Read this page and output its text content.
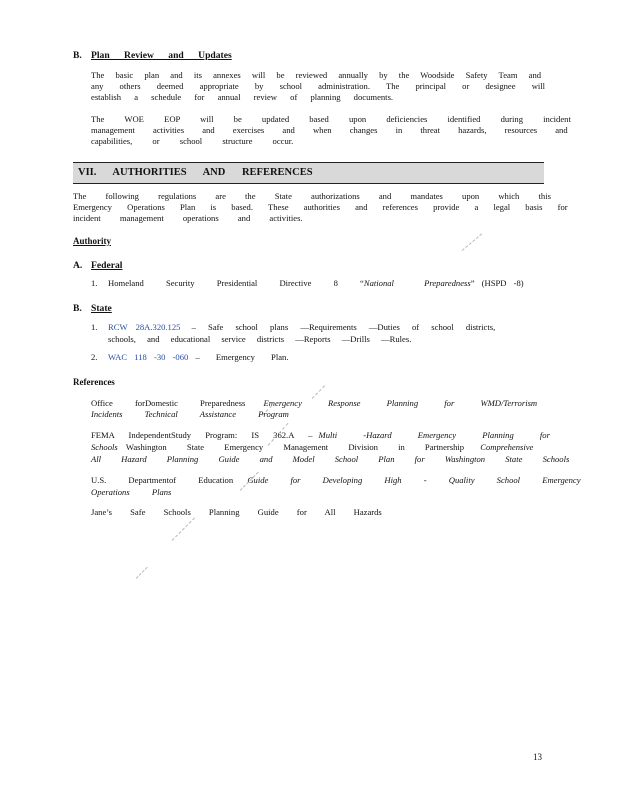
B. Plan Review and Updates
The basic plan and its annexes will be reviewed annually by the Woodside Safety Team and
any others deemed appropriate by school administration. The principal or designee will
establish a schedule for annual review of planning documents.
The WOE EOP will be updated based upon deficiencies identified during incident
management activities and exercises and when changes in threat hazards, resources and
capabilities, or school structure occur.
VII. AUTHORITIES AND REFERENCES
The following regulations are the State authorizations and mandates upon which this
Emergency Operations Plan is based. These authorities and references provide a legal basis for
incident management operations and activities.
Authority
A. Federal
1. Homeland Security Presidential Directive 8 “National Preparedness” (HSPD -8)
B. State
1. RCW 28A.320.125 – Safe school plans —Requirements —Duties of school districts,
schools, and educational service districts —Reports —Drills —Rules.
2. WAC 118 -30 -060 – Emergency Plan.
References
Office forDomestic Preparedness Emergency Response Planning for WMD/Terrorism
Incidents Technical Assistance Program
FEMA IndependentStudy Program: IS 362.A – Multi -Hazard Emergency Planning for
Schools Washington State Emergency Management Division in Partnership Comprehensive
All Hazard Planning Guide and Model School Plan for Washington State Schools
U.S. Departmentof Education Guide for Developing High - Quality School Emergency
Operations Plans
Jane’s Safe Schools Planning Guide for All Hazards
13
